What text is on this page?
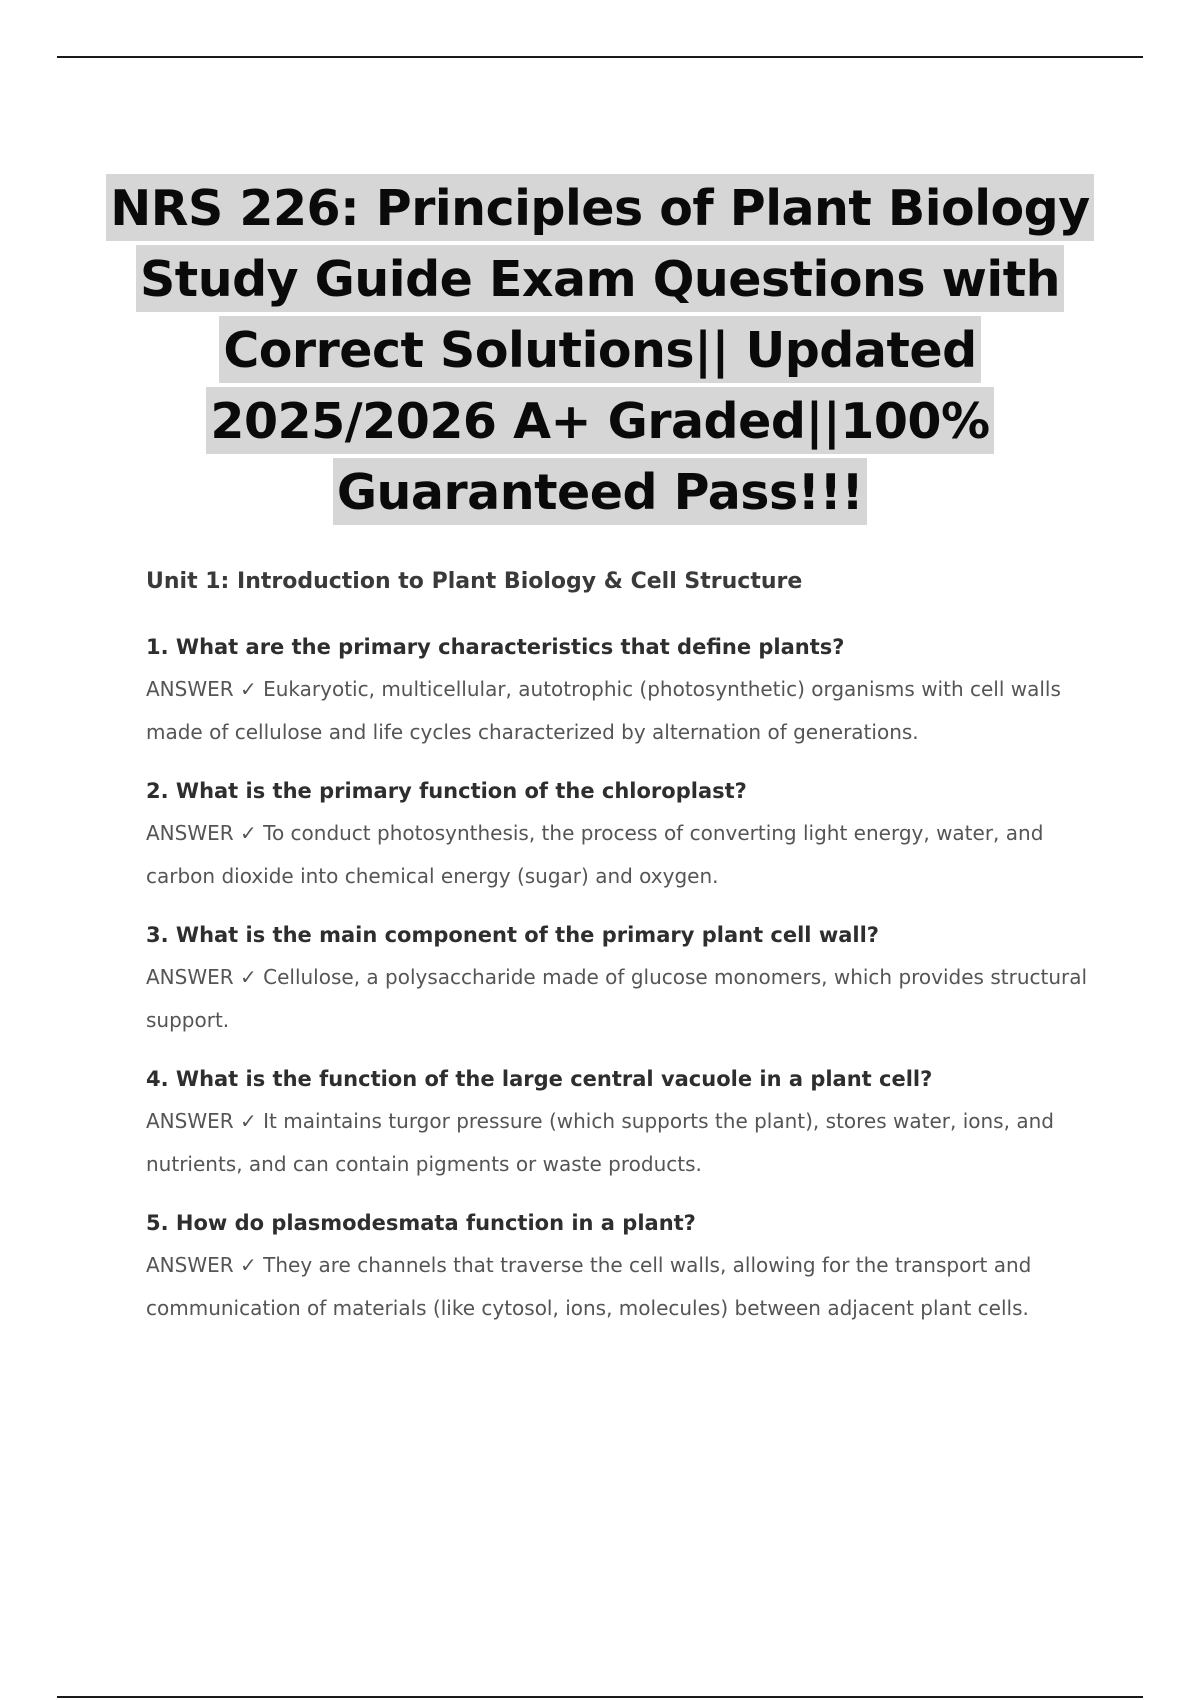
NRS 226: Principles of Plant Biology
Study Guide Exam Questions with
Correct Solutions|| Updated
2025/2026 A+ Graded||100%
Guaranteed Pass!!!
Unit 1: Introduction to Plant Biology & Cell Structure
1. What are the primary characteristics that define plants?
ANSWER ✓ Eukaryotic, multicellular, autotrophic (photosynthetic) organisms with cell walls made of cellulose and life cycles characterized by alternation of generations.
2. What is the primary function of the chloroplast?
ANSWER ✓ To conduct photosynthesis, the process of converting light energy, water, and carbon dioxide into chemical energy (sugar) and oxygen.
3. What is the main component of the primary plant cell wall?
ANSWER ✓ Cellulose, a polysaccharide made of glucose monomers, which provides structural support.
4. What is the function of the large central vacuole in a plant cell?
ANSWER ✓ It maintains turgor pressure (which supports the plant), stores water, ions, and nutrients, and can contain pigments or waste products.
5. How do plasmodesmata function in a plant?
ANSWER ✓ They are channels that traverse the cell walls, allowing for the transport and communication of materials (like cytosol, ions, molecules) between adjacent plant cells.
